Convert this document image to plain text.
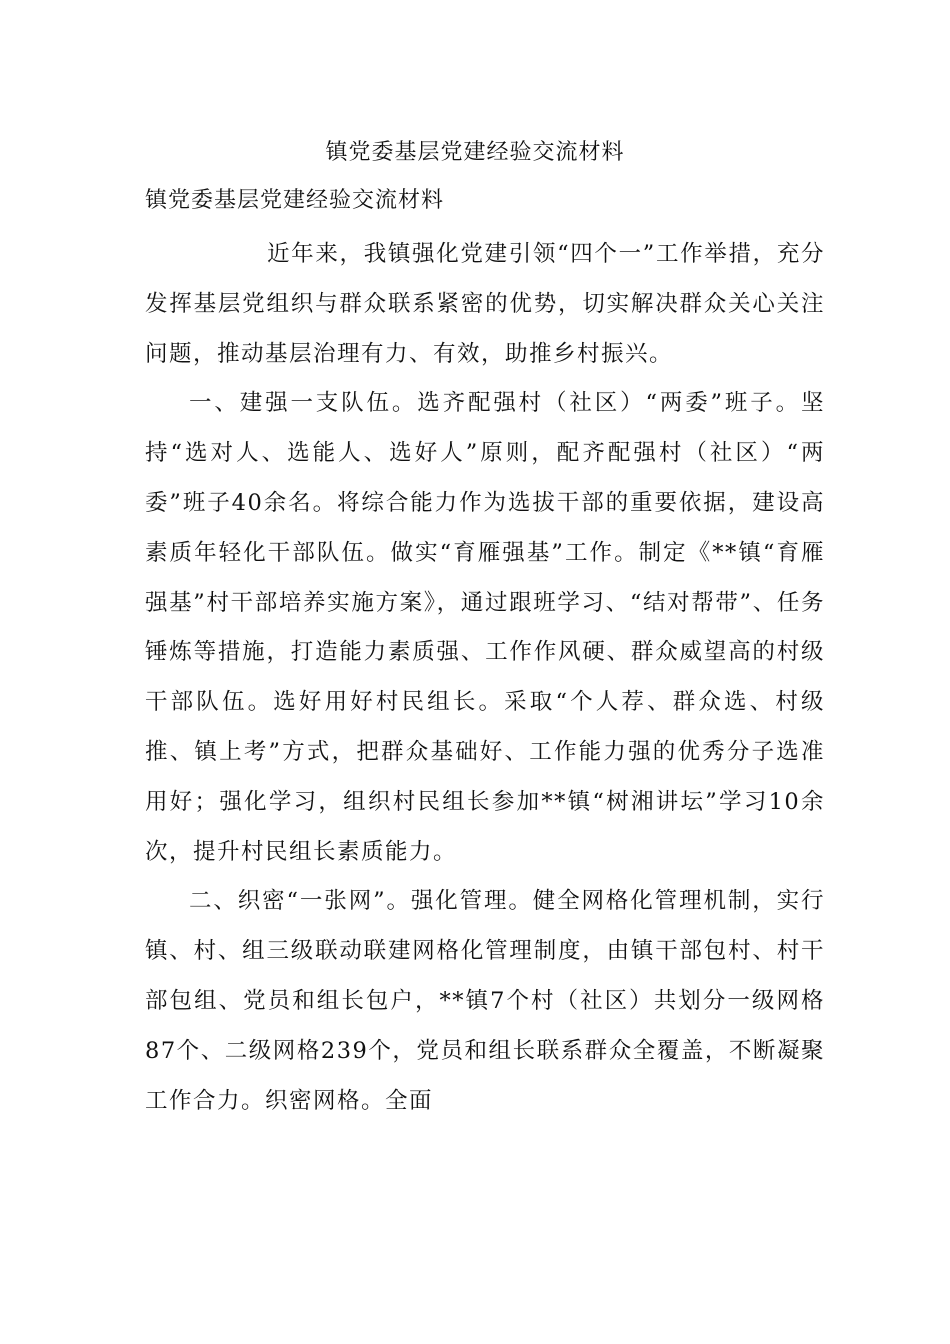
镇党委基层党建经验交流材料
镇党委基层党建经验交流材料

近年来，我镇强化党建引领“四个一”工作举措，充分发挥基层党组织与群众联系紧密的优势，切实解决群众关心关注问题，推动基层治理有力、有效，助推乡村振兴。

一、建强一支队伍。选齐配强村（社区）“两委”班子。坚持“选对人、选能人、选好人”原则，配齐配强村（社区）“两委”班子40余名。将综合能力作为选拔干部的重要依据，建设高素质年轻化干部队伍。做实“育雁强基”工作。制定《**镇“育雁强基”村干部培养实施方案》，通过跟班学习、“结对帮带”、任务锤炼等措施，打造能力素质强、工作作风硬、群众威望高的村级干部队伍。选好用好村民组长。采取“个人荐、群众选、村级推、镇上考”方式，把群众基础好、工作能力强的优秀分子选准用好；强化学习，组织村民组长参加**镇“树湘讲坛”学习10余次，提升村民组长素质能力。

二、织密“一张网”。强化管理。健全网格化管理机制，实行镇、村、组三级联动联建网格化管理制度，由镇干部包村、村干部包组、党员和组长包户，**镇7个村（社区）共划分一级网格87个、二级网格239个，党员和组长联系群众全覆盖，不断凝聚工作合力。织密网格。全面
